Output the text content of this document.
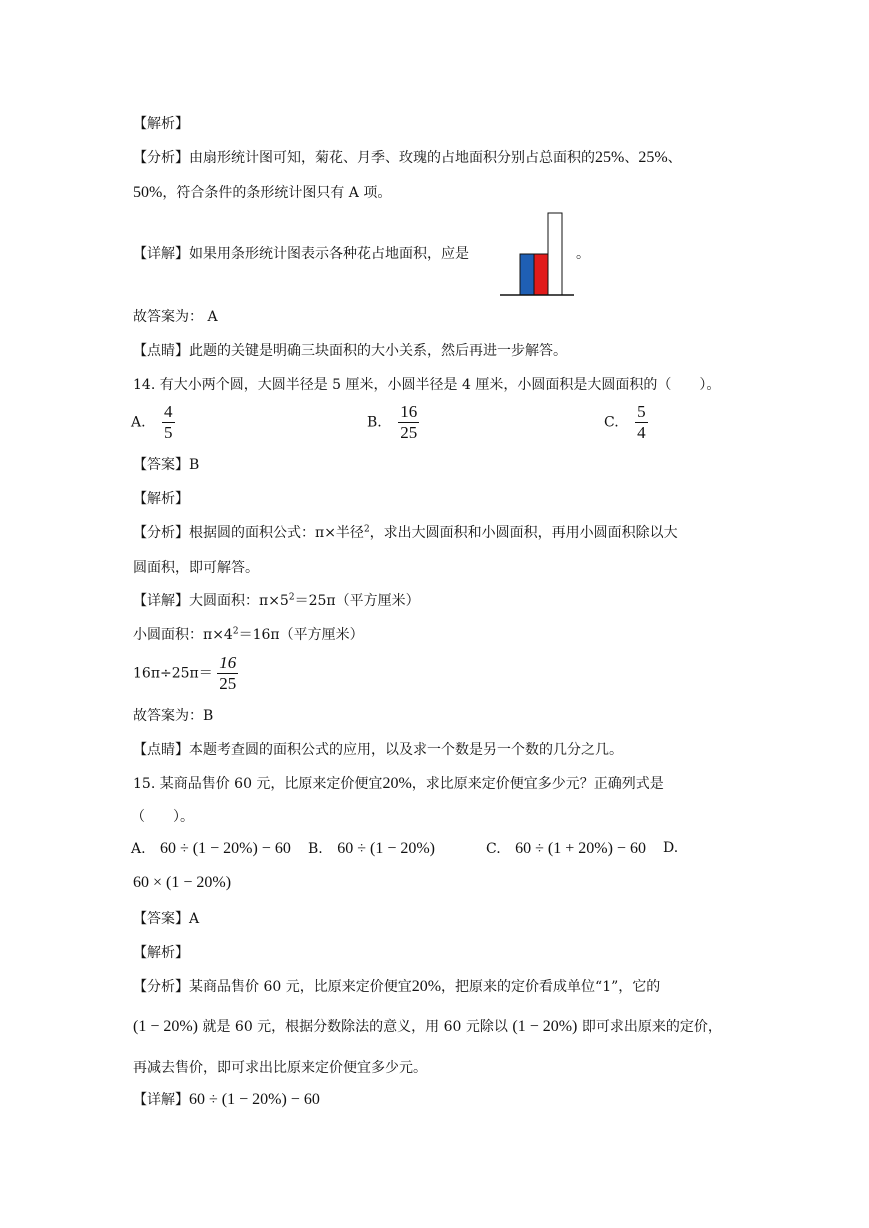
【解析】
【分析】由扇形统计图可知，菊花、月季、玫瑰的占地面积分别占总面积的25%、25%、
50%，符合条件的条形统计图只有 A 项。
【详解】如果用条形统计图表示各种花占地面积，应是	。
故答案为： A
【点睛】此题的关键是明确三块面积的大小关系，然后再进一步解答。
14. 有大小两个圆，大圆半径是 5 厘米，小圆半径是 4 厘米，小圆面积是大圆面积的（　　）。
A. $\frac{4}{5}$	B. $\frac{16}{25}$	C. $\frac{5}{4}$
【答案】B
【解析】
【分析】根据圆的面积公式：π×半径$^2$，求出大圆面积和小圆面积，再用小圆面积除以大
圆面积，即可解答。
【详解】大圆面积：$\pi\times 5^2=25\pi$（平方厘米）
小圆面积：$\pi\times 4^2=16\pi$（平方厘米）
$16\pi\div 25\pi= \frac{16}{25}$
故答案为：B
【点睛】本题考查圆的面积公式的应用，以及求一个数是另一个数的几分之几。
15. 某商品售价 60 元，比原来定价便宜20%，求比原来定价便宜多少元？正确列式是
（　　）。
A. 60 ÷ (1 − 20%) − 60 B. 60 ÷ (1 − 20%)	C. 60 ÷ (1 + 20%) − 60 D.
60 × (1 − 20%)
【答案】A
【解析】
【分析】某商品售价 60 元，比原来定价便宜20%，把原来的定价看成单位“1”，它的
(1 − 20%) 就是 60 元，根据分数除法的意义，用 60 元除以 (1 − 20%) 即可求出原来的定价，
再减去售价，即可求出比原来定价便宜多少元。
【详解】60 ÷ (1 − 20%) − 60
